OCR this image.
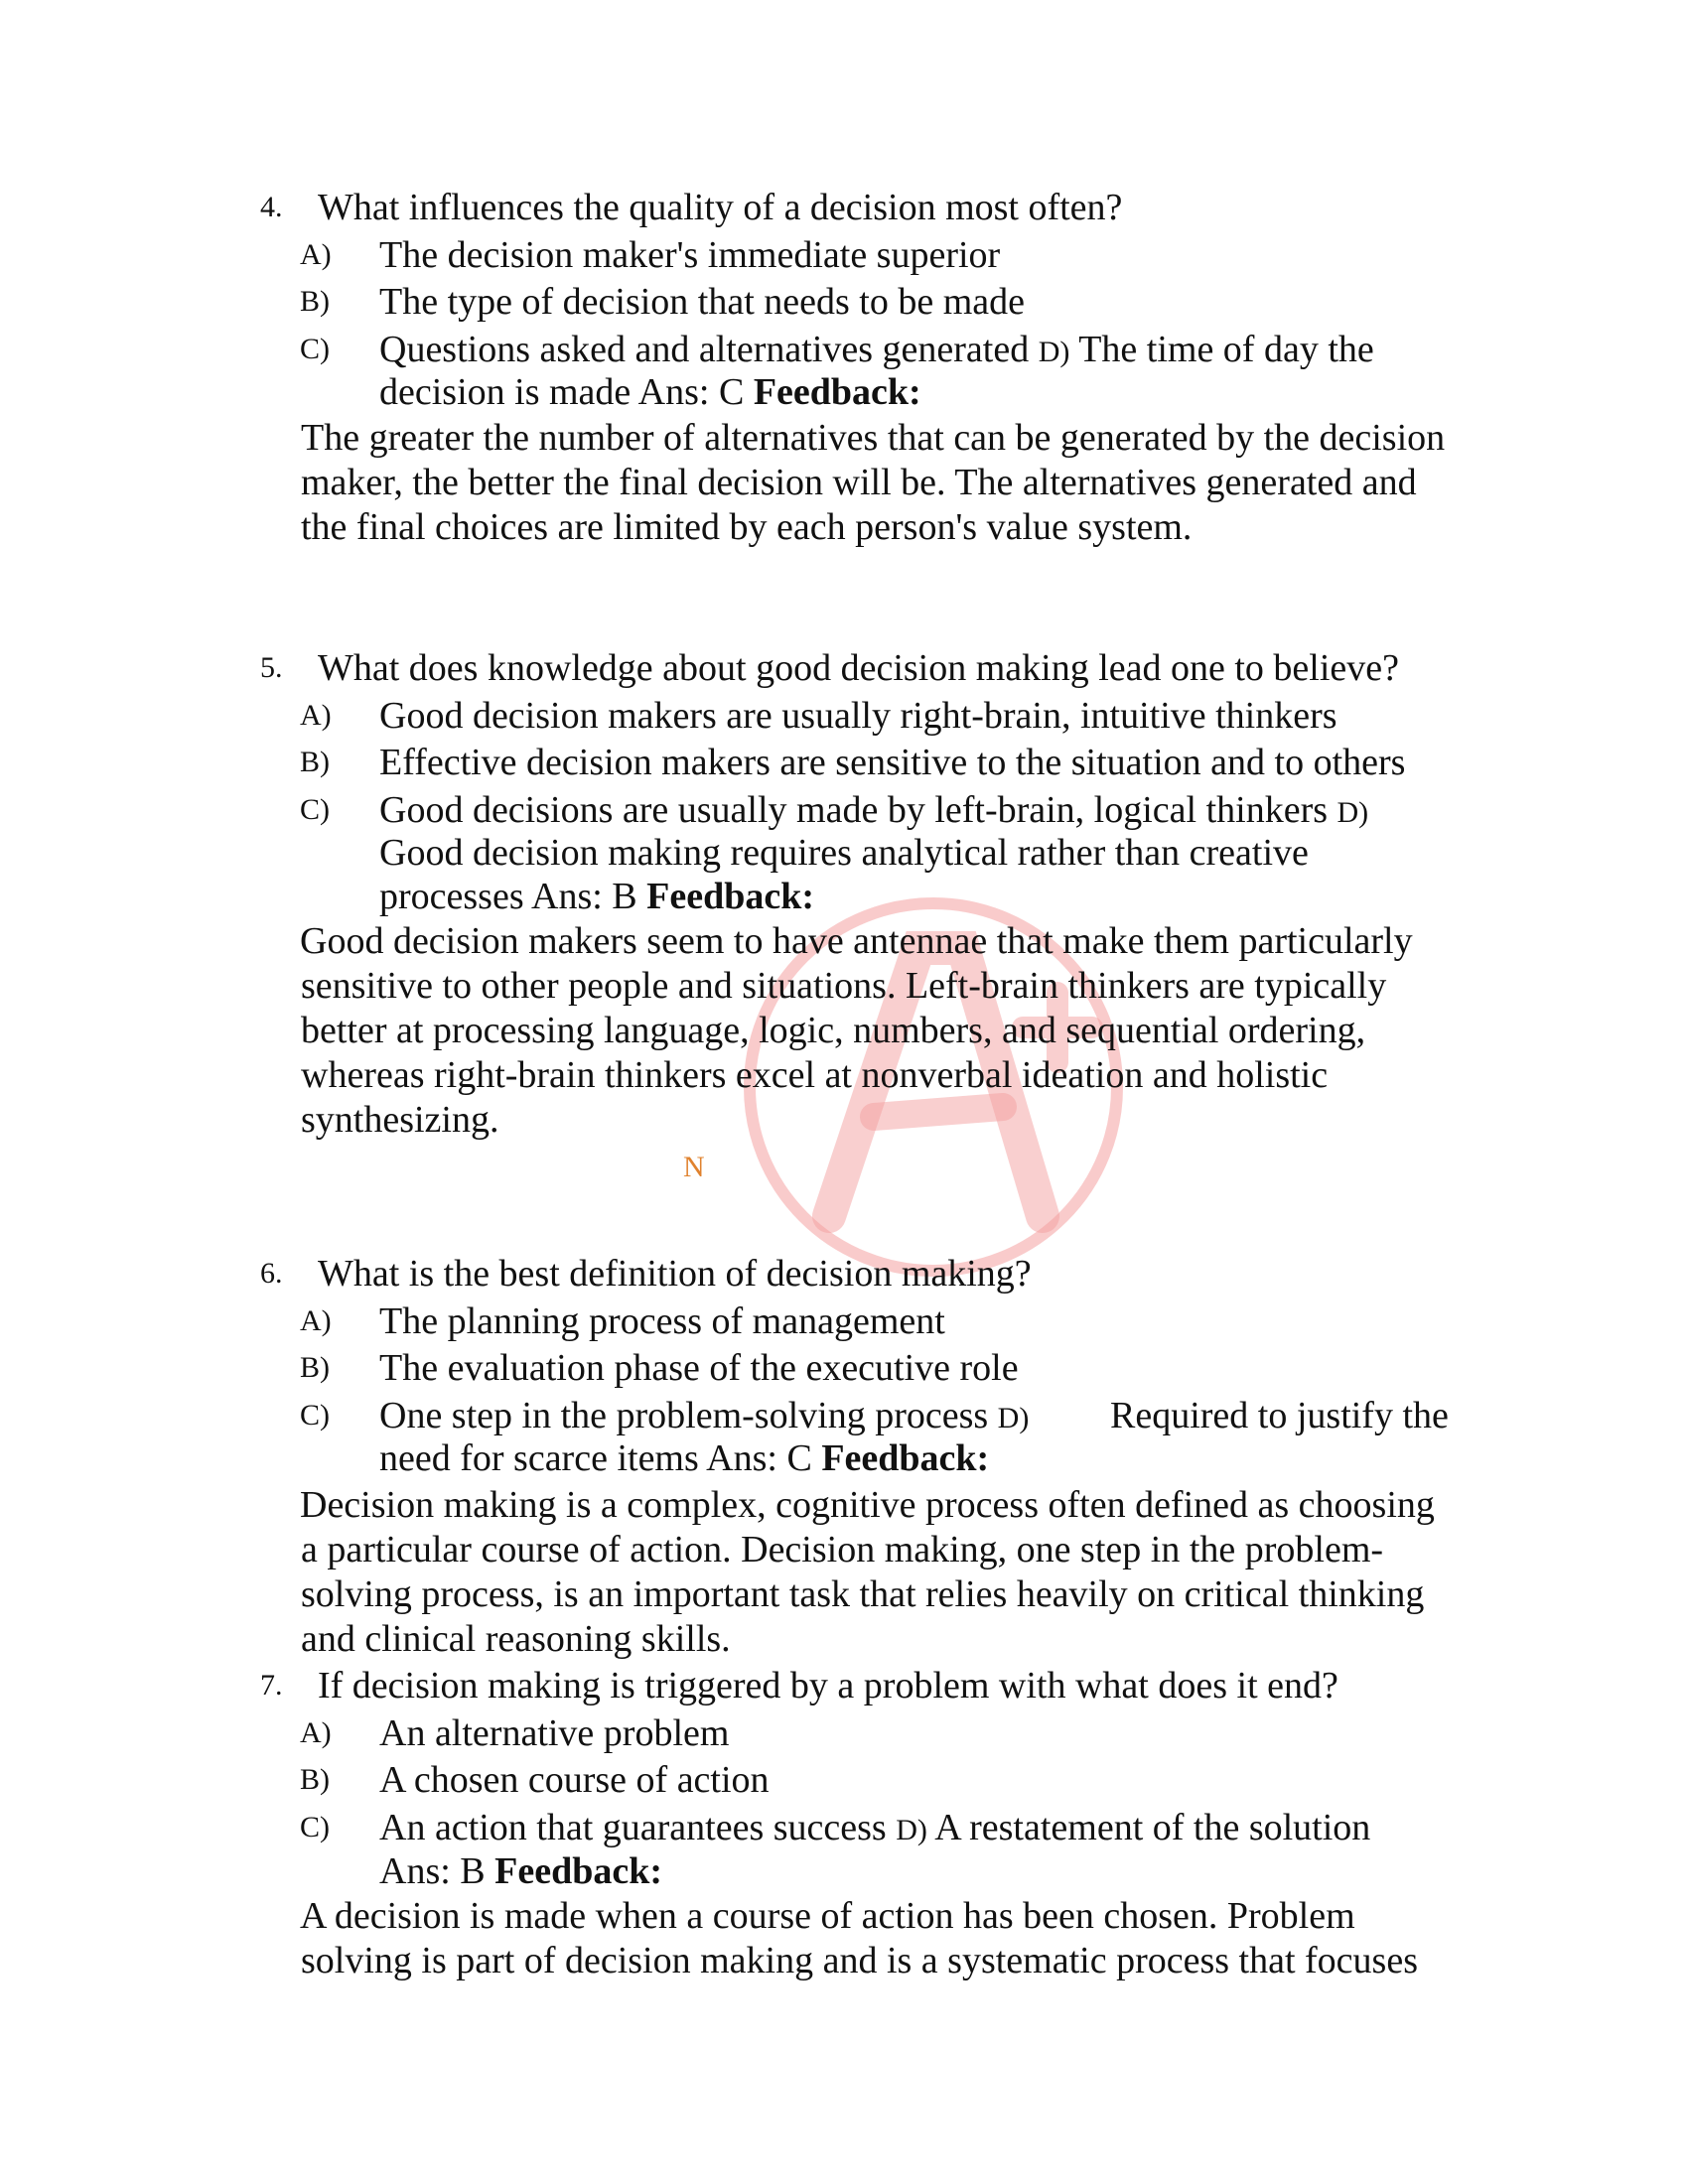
4. What influences the quality of a decision most often?
A) The decision maker's immediate superior
B) The type of decision that needs to be made
C) Questions asked and alternatives generated D) The time of day the
decision is made Ans: C Feedback:
The greater the number of alternatives that can be generated by the decision
maker, the better the final decision will be. The alternatives generated and
the final choices are limited by each person's value system.
5. What does knowledge about good decision making lead one to believe?
A) Good decision makers are usually right-brain, intuitive thinkers
B) Effective decision makers are sensitive to the situation and to others
C) Good decisions are usually made by left-brain, logical thinkers D)
Good decision making requires analytical rather than creative
processes Ans: B Feedback:
Good decision makers seem to have antennae that make them particularly
sensitive to other people and situations. Left-brain thinkers are typically
better at processing language, logic, numbers, and sequential ordering,
whereas right-brain thinkers excel at nonverbal ideation and holistic
synthesizing.
N
6. What is the best definition of decision making?
A) The planning process of management
B) The evaluation phase of the executive role
C) One step in the problem-solving process D) Required to justify the
need for scarce items Ans: C Feedback:
Decision making is a complex, cognitive process often defined as choosing
a particular course of action. Decision making, one step in the problem-
solving process, is an important task that relies heavily on critical thinking
and clinical reasoning skills.
7. If decision making is triggered by a problem with what does it end?
A) An alternative problem
B) A chosen course of action
C) An action that guarantees success D) A restatement of the solution
Ans: B Feedback:
A decision is made when a course of action has been chosen. Problem
solving is part of decision making and is a systematic process that focuses
